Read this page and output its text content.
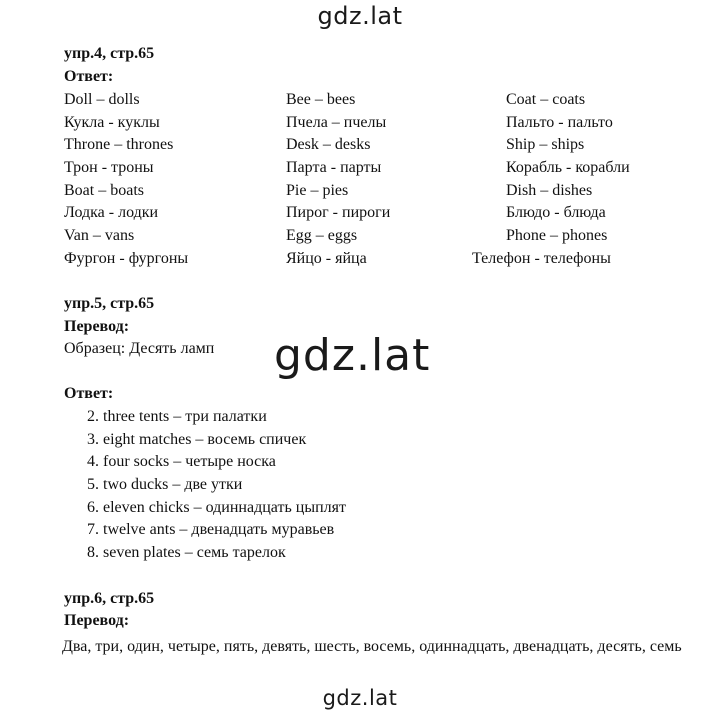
gdz.lat
упр.4, стр.65
Ответ:
Doll – dolls
Кукла - куклы
Throne – thrones
Трон - троны
Boat – boats
Лодка - лодки
Van – vans
Фургон - фургоны
Bee – bees
Пчела – пчелы
Desk – desks
Парта - парты
Pie – pies
Пирог - пироги
Egg – eggs
Яйцо - яйца
Coat – coats
Пальто - пальто
Ship – ships
Корабль - корабли
Dish – dishes
Блюдо - блюда
Phone – phones
Телефон - телефоны
упр.5, стр.65
Перевод:
Образец: Десять ламп gdz.lat
Ответ:
2. three tents – три палатки
3. eight matches – восемь спичек
4. four socks – четыре носка
5. two ducks – две утки
6. eleven chicks – одиннадцать цыплят
7. twelve ants – двенадцать муравьев
8. seven plates – семь тарелок
упр.6, стр.65
Перевод:
Два, три, один, четыре, пять, девять, шесть, восемь, одиннадцать, двенадцать, десять, семь
gdz.lat
